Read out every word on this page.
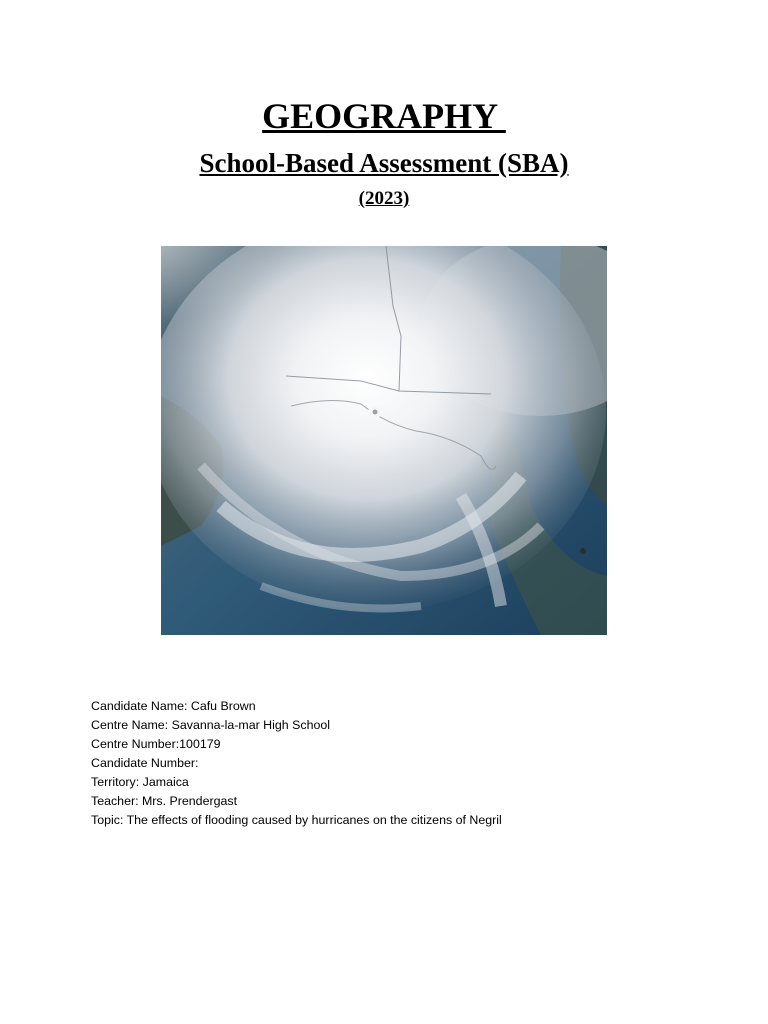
GEOGRAPHY
School-Based Assessment (SBA)
(2023)
Candidate Name: Cafu Brown
Centre Name: Savanna-la-mar High School
Centre Number:100179
Candidate Number:
Territory: Jamaica
Teacher: Mrs. Prendergast
Topic: The effects of flooding caused by hurricanes on the citizens of Negril
